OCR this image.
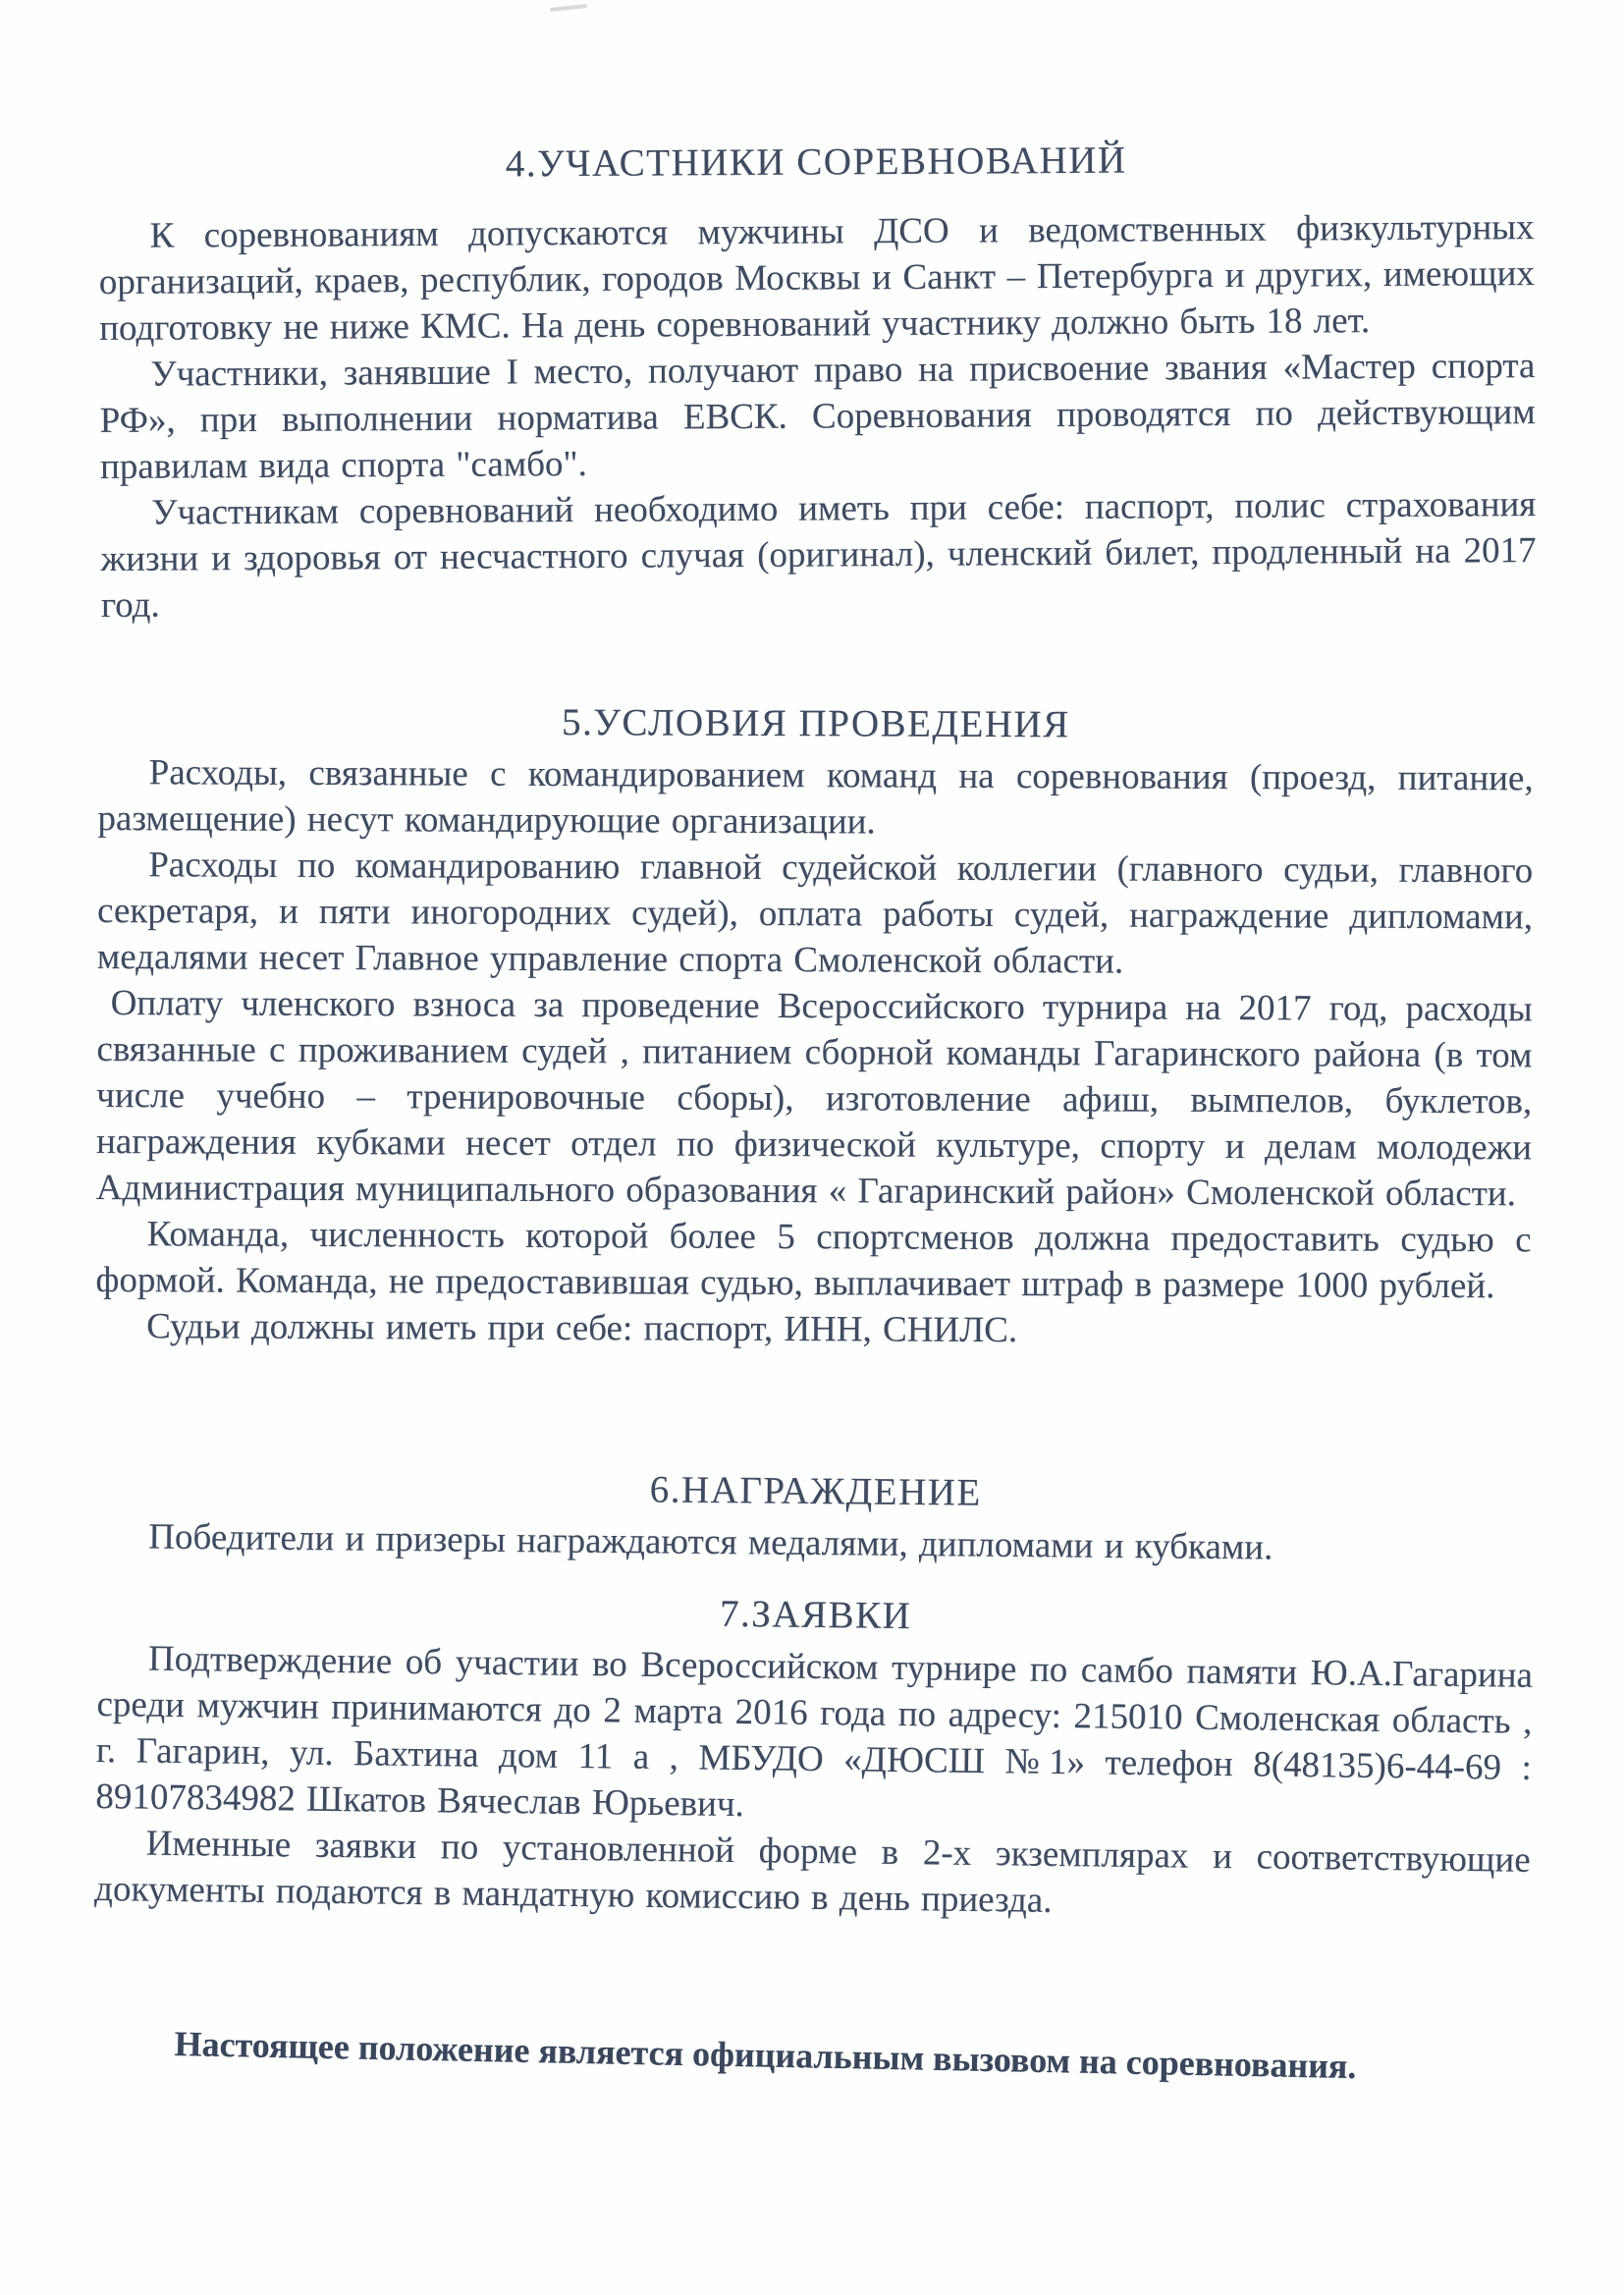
4.УЧАСТНИКИ СОРЕВНОВАНИЙ

К соревнованиям допускаются мужчины ДСО и ведомственных физкультурных организаций, краев, республик, городов Москвы и Санкт – Петербурга и других, имеющих подготовку не ниже КМС. На день соревнований участнику должно быть 18 лет.

Участники, занявшие I место, получают право на присвоение звания «Мастер спорта РФ», при выполнении норматива ЕВСК. Соревнования проводятся по действующим правилам вида спорта "самбо".

Участникам соревнований необходимо иметь при себе: паспорт, полис страхования жизни и здоровья от несчастного случая (оригинал), членский билет, продленный на 2017 год.

5.УСЛОВИЯ ПРОВЕДЕНИЯ

Расходы, связанные с командированием команд на соревнования (проезд, питание, размещение) несут командирующие организации.

Расходы по командированию главной судейской коллегии (главного судьи, главного секретаря, и пяти иногородних судей), оплата работы судей, награждение дипломами, медалями несет Главное управление спорта Смоленской области.

Оплату членского взноса за проведение Всероссийского турнира на 2017 год, расходы связанные с проживанием судей , питанием сборной команды Гагаринского района (в том числе учебно – тренировочные сборы), изготовление афиш, вымпелов, буклетов, награждения кубками несет отдел по физической культуре, спорту и делам молодежи Администрация муниципального образования « Гагаринский район» Смоленской области.

Команда, численность которой более 5 спортсменов должна предоставить судью с формой. Команда, не предоставившая судью, выплачивает штраф в размере 1000 рублей.

Судьи должны иметь при себе: паспорт, ИНН, СНИЛС.

6.НАГРАЖДЕНИЕ

Победители и призеры награждаются медалями, дипломами и кубками.

7.ЗАЯВКИ

Подтверждение об участии во Всероссийском турнире по самбо памяти Ю.А.Гагарина среди мужчин принимаются до 2 марта 2016 года по адресу: 215010 Смоленская область , г. Гагарин, ул. Бахтина дом 11 а , МБУДО «ДЮСШ №1» телефон 8(48135)6-44-69 : 89107834982 Шкатов Вячеслав Юрьевич.

Именные заявки по установленной форме в 2-х экземплярах и соответствующие документы подаются в мандатную комиссию в день приезда.

Настоящее положение является официальным вызовом на соревнования.
